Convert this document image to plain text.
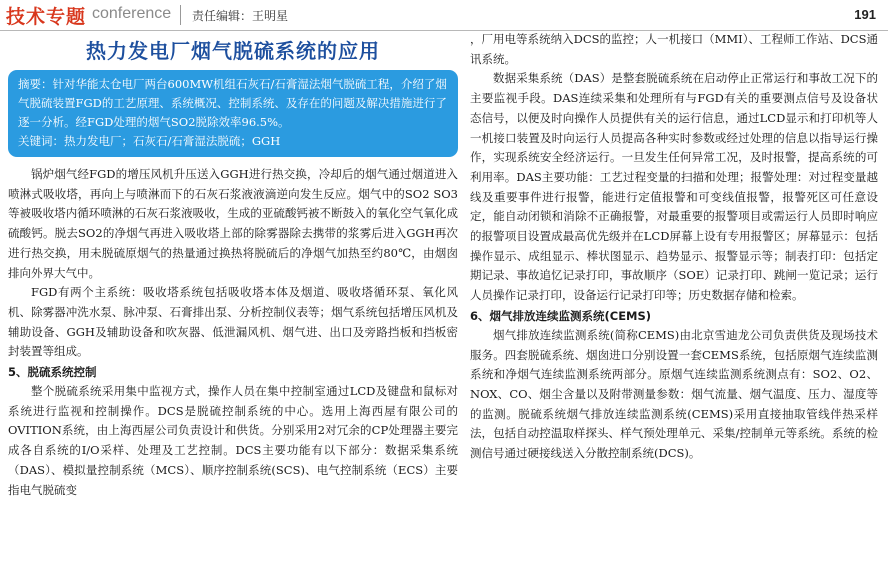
技术专题 conference 责任编辑：王明星	191
热力发电厂烟气脱硫系统的应用

摘要：针对华能太仓电厂两台600MW机组石灰石/石膏湿法烟气脱硫工程，介绍了烟气脱硫装置FGD的工艺原理、系统概况、控制系统、及存在的问题及解决措施进行了逐一分析。经FGD处理的烟气SO2脱除效率96.5%。

关键词：热力发电厂；石灰石/石膏湿法脱硫；GGH

锅炉烟气经FGD的增压风机升压送入GGH进行热交换，冷却后的烟气通过烟道进入喷淋式吸收塔，再向上与喷淋而下的石灰石浆液液滴逆向发生反应。烟气中的SO2 SO3等被吸收塔内循环喷淋的石灰石浆液吸收，生成的亚硫酸钙被不断鼓入的氧化空气氧化成硫酸钙。脱去SO2的净烟气再进入吸收塔上部的除雾器除去携带的浆雾后进入GGH再次进行热交换，用未脱硫原烟气的热量通过换热将脱硫后的净烟气加热至约80℃，由烟囱排向外界大气中。

FGD有两个主系统：吸收塔系统包括吸收塔本体及烟道、吸收塔循环泵、氧化风机、除雾器冲洗水泵、脉冲泵、石膏排出泵、分析控制仪表等；烟气系统包括增压风机及辅助设备、GGH及辅助设备和吹灰器、低泄漏风机、烟气进、出口及旁路挡板和挡板密封装置等组成。

5、脱硫系统控制

整个脱硫系统采用集中监视方式，操作人员在集中控制室通过LCD及键盘和鼠标对系统进行监视和控制操作。DCS是脱硫控制系统的中心。选用上海西屋有限公司的OVITION系统，由上海西屋公司负责设计和供货。分别采用2对冗余的CP处理器主要完成各自系统的I/O采样、处理及工艺控制。DCS主要功能有以下部分：数据采集系统（DAS）、模拟量控制系统（MCS）、顺序控制系统(SCS)、电气控制系统（ECS）主要指电气脱硫变

，厂用电等系统纳入DCS的监控；人一机接口（MMI）、工程师工作站、DCS通讯系统。

数据采集系统（DAS）是整套脱硫系统在启动停止正常运行和事故工况下的主要监视手段。DAS连续采集和处理所有与FGD有关的重要测点信号及设备状态信号，以便及时向操作人员提供有关的运行信息，通过LCD显示和打印机等人一机接口装置及时向运行人员提高各种实时参数或经过处理的信息以指导运行操作，实现系统安全经济运行。一旦发生任何异常工况，及时报警，提高系统的可利用率。DAS主要功能：工艺过程变量的扫描和处理；报警处理：对过程变量越线及重要事件进行报警，能进行定值报警和可变线值报警，报警死区可任意设定，能自动闭锁和消除不正确报警，对最重要的报警项目或需运行人员即时响应的报警项目设置成最高优先级并在LCD屏幕上设有专用报警区；屏幕显示：包括操作显示、成组显示、棒状图显示、趋势显示、报警显示等；制表打印：包括定期记录、事故追忆记录打印，事故顺序（SOE）记录打印、跳闸一览记录；运行人员操作记录打印，设备运行记录打印等；历史数据存储和检索。

6、烟气排放连续监测系统(CEMS)

烟气排放连续监测系统(简称CEMS)由北京雪迪龙公司负责供货及现场技术服务。四套脱硫系统、烟囱进口分别设置一套CEMS系统，包括原烟气连续监测系统和净烟气连续监测系统两部分。原烟气连续监测系统测点有：SO2、O2、NOX、CO、烟尘含量以及附带测量参数：烟气流量、烟气温度、压力、湿度等的监测。脱硫系统烟气排放连续监测系统(CEMS)采用直接抽取管线伴热采样法，包括自动控温取样探头、样气预处理单元、采集/控制单元等系统。系统的检测信号通过硬接线送入分散控制系统(DCS)。
